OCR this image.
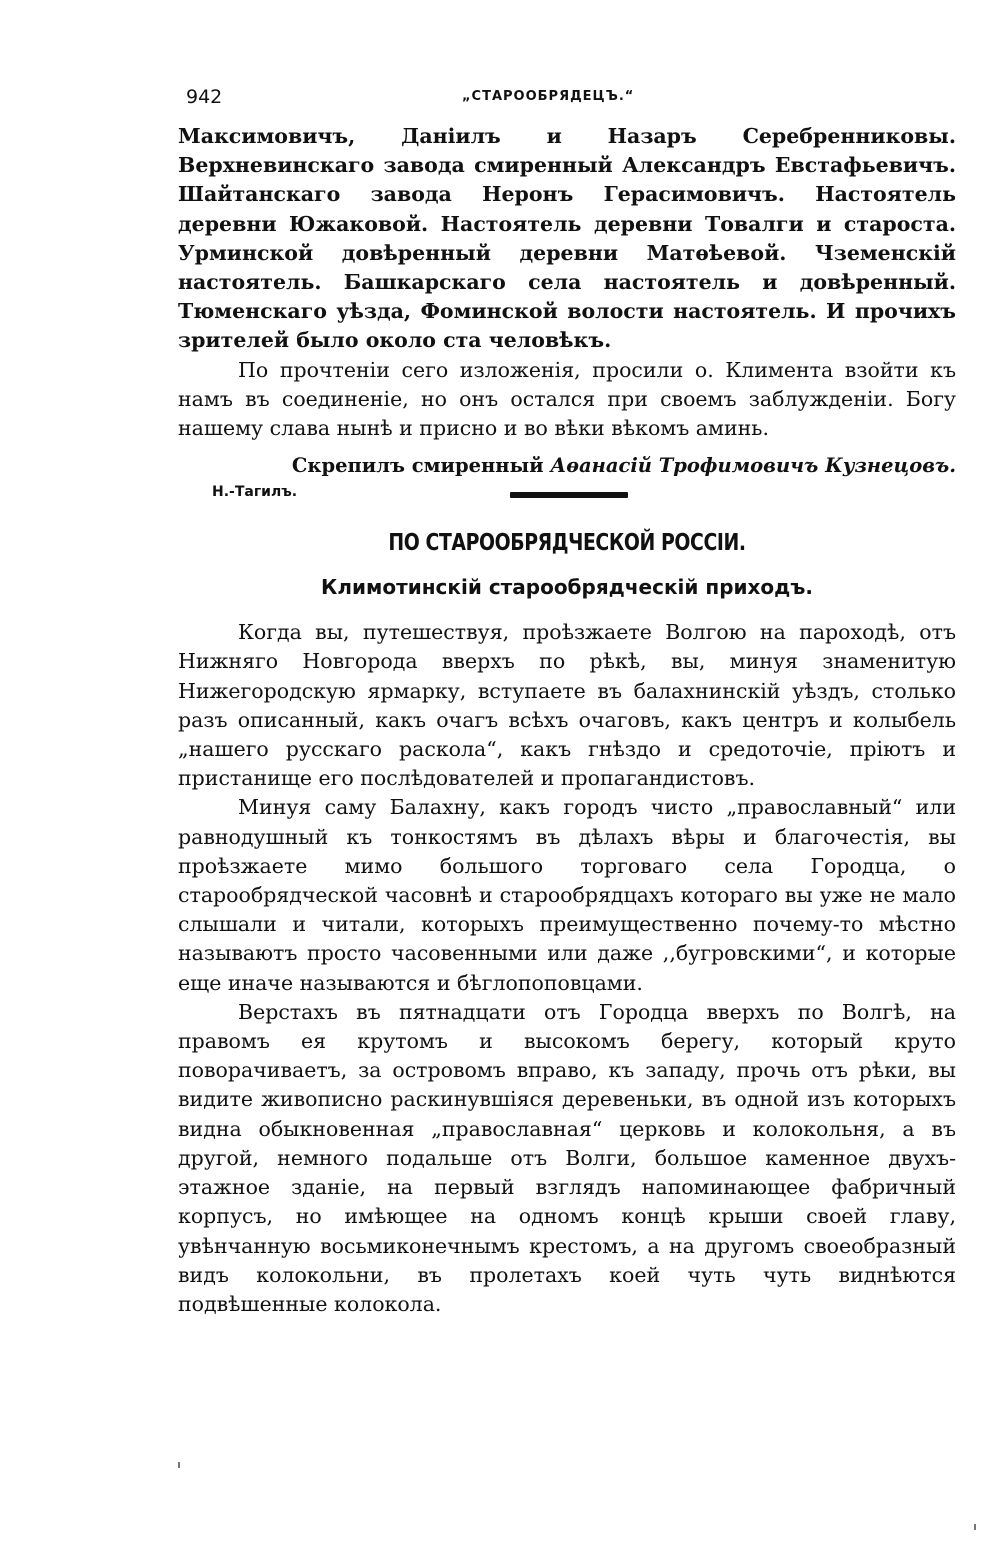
942	„СТАРООБРЯДЕЦЪ.“

Максимовичъ, Даніилъ и Назаръ Серебренниковы. Верхневинскаго завода смиренный Александръ Евстафьевичъ. Шайтанскаго завода Неронъ Герасимовичъ. Настоятель деревни Южаковой. Настоятель деревни Товалги и староста. Урминской довѣренный деревни Матѳѣевой. Чземенскій настоятель. Башкарскаго села настоятель и довѣренный. Тюменскаго уѣзда, Фоминской волости настоятель. И прочихъ зрителей было около ста человѣкъ.

По прочтеніи сего изложенія, просили о. Климента взойти къ намъ въ соединеніе, но онъ остался при своемъ заблужденіи. Богу нашему слава нынѣ и присно и во вѣки вѣкомъ аминь.

Скрепилъ смиренный Аѳанасій Трофимовичъ Кузнецовъ.
Н.-Тагилъ.
ПО СТАРООБРЯДЧЕСКОЙ РОССІИ.
Климотинскій старообрядческій приходъ.

Когда вы, путешествуя, проѣзжаете Волгою на пароходѣ, отъ Нижняго Новгорода вверхъ по рѣкѣ, вы, минуя знаменитую Нижегородскую ярмарку, вступаете въ балахнинскій уѣздъ, столько разъ описанный, какъ очагъ всѣхъ очаговъ, какъ центръ и колыбель „нашего русскаго раскола“, какъ гнѣздо и средоточіе, пріютъ и пристанище его послѣдователей и пропагандистовъ.

Минуя саму Балахну, какъ городъ чисто „православный“ или равнодушный къ тонкостямъ въ дѣлахъ вѣры и благочестія, вы проѣзжаете мимо большого торговаго села Городца, о старообрядческой часовнѣ и старообрядцахъ котораго вы уже не мало слышали и читали, которыхъ преимущественно почему-то мѣстно называютъ просто часовенными или даже ,,бугровскими“, и которые еще иначе называются и бѣглопоповцами.

Верстахъ въ пятнадцати отъ Городца вверхъ по Волгѣ, на правомъ ея крутомъ и высокомъ берегу, который круто поворачиваетъ, за островомъ вправо, къ западу, прочь отъ рѣки, вы видите живописно раскинувшіяся деревеньки, въ одной изъ которыхъ видна обыкновенная „православная“ церковь и колокольня, а въ другой, немного подальше отъ Волги, большое каменное двухъ-этажное зданіе, на первый взглядъ напоминающее фабричный корпусъ, но имѣющее на одномъ концѣ крыши своей главу, увѣнчанную восьмиконечнымъ крестомъ, а на другомъ своеобразный видъ колокольни, въ пролетахъ коей чуть чуть виднѣются подвѣшенные колокола.
